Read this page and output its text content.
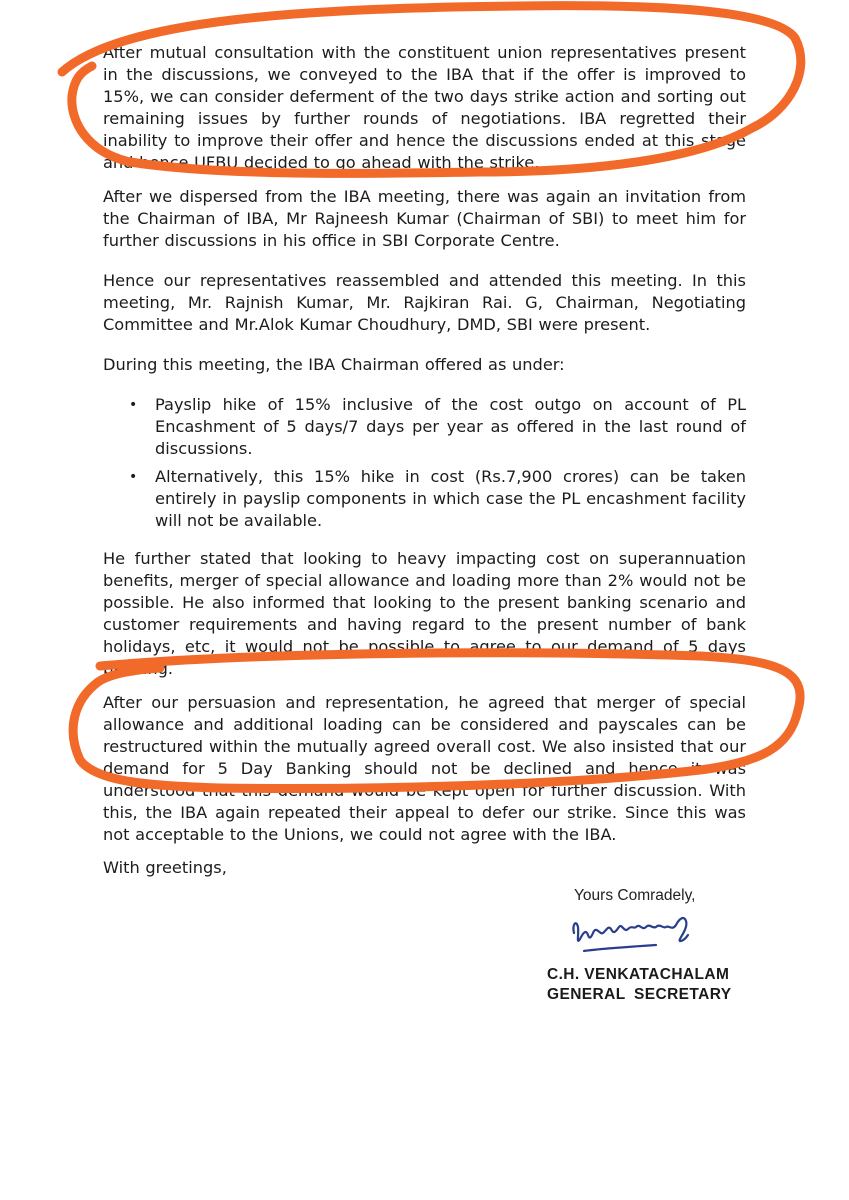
After mutual consultation with the constituent union representatives present in the discussions, we conveyed to the IBA that if the offer is improved to 15%, we can consider deferment of the two days strike action and sorting out remaining issues by further rounds of negotiations. IBA regretted their inability to improve their offer and hence the discussions ended at this stage and hence UFBU decided to go ahead with the strike.

After we dispersed from the IBA meeting, there was again an invitation from the Chairman of IBA, Mr Rajneesh Kumar (Chairman of SBI) to meet him for further discussions in his office in SBI Corporate Centre.

Hence our representatives reassembled and attended this meeting. In this meeting, Mr. Rajnish Kumar, Mr. Rajkiran Rai. G, Chairman, Negotiating Committee and Mr.Alok Kumar Choudhury, DMD, SBI were present.

During this meeting, the IBA Chairman offered as under:

• Payslip hike of 15% inclusive of the cost outgo on account of PL Encashment of 5 days/7 days per year as offered in the last round of discussions.
• Alternatively, this 15% hike in cost (Rs.7,900 crores) can be taken entirely in payslip components in which case the PL encashment facility will not be available.

He further stated that looking to heavy impacting cost on superannuation benefits, merger of special allowance and loading more than 2% would not be possible. He also informed that looking to the present banking scenario and customer requirements and having regard to the present number of bank holidays, etc, it would not be possible to agree to our demand of 5 days banking.

After our persuasion and representation, he agreed that merger of special allowance and additional loading can be considered and payscales can be restructured within the mutually agreed overall cost. We also insisted that our demand for 5 Day Banking should not be declined and hence it was understood that this demand would be kept open for further discussion. With this, the IBA again repeated their appeal to defer our strike. Since this was not acceptable to the Unions, we could not agree with the IBA.

With greetings,

Yours Comradely,
C.H. VENKATACHALAM
GENERAL SECRETARY
